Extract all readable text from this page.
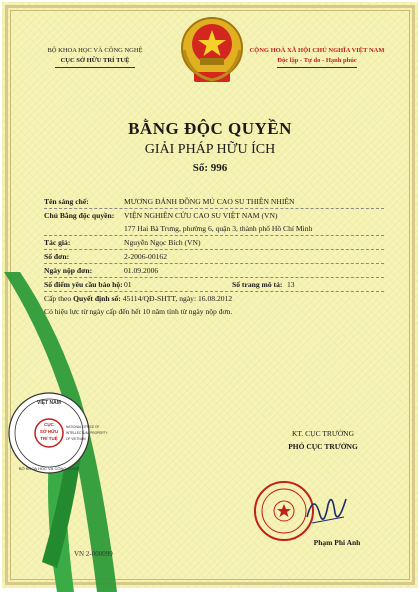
BỘ KHOA HỌC VÀ CÔNG NGHỆ
CỤC SỞ HỮU TRÍ TUỆ
CỘNG HOÀ XÃ HỘI CHỦ NGHĨA VIỆT NAM
Độc lập - Tự do - Hạnh phúc
BẰNG ĐỘC QUYỀN
GIẢI PHÁP HỮU ÍCH
Số: 996
Tên sáng chế:	MƯƠNG ĐÁNH ĐỒNG MỦ CAO SU THIÊN NHIÊN
Chủ Bằng độc quyền: VIỆN NGHIÊN CỨU CAO SU VIỆT NAM (VN)
177 Hai Bà Trưng, phường 6, quận 3, thành phố Hồ Chí Minh
Tác giả:	Nguyễn Ngọc Bích (VN)
Số đơn:	2-2006-00162
Ngày nộp đơn:	01.09.2006
Số điểm yêu cầu bảo hộ: 01	Số trang mô tả: 13
Cấp theo Quyết định số: 45114/QĐ-SHTT, ngày: 16.08.2012
Có hiệu lực từ ngày cấp đến hết 10 năm tính từ ngày nộp đơn.
VIỆT NAM
BỘ KHOA HỌC VÀ CÔNG NGHỆ
CỤC
SỞ HỮU
TRÍ TUỆ
NATIONAL OFFICE OF
INTELLECTUAL PROPERTY
OF VIETNAM
KT. CỤC TRƯỞNG
PHÓ CỤC TRƯỞNG
Phạm Phi Anh
VN 2-000099
